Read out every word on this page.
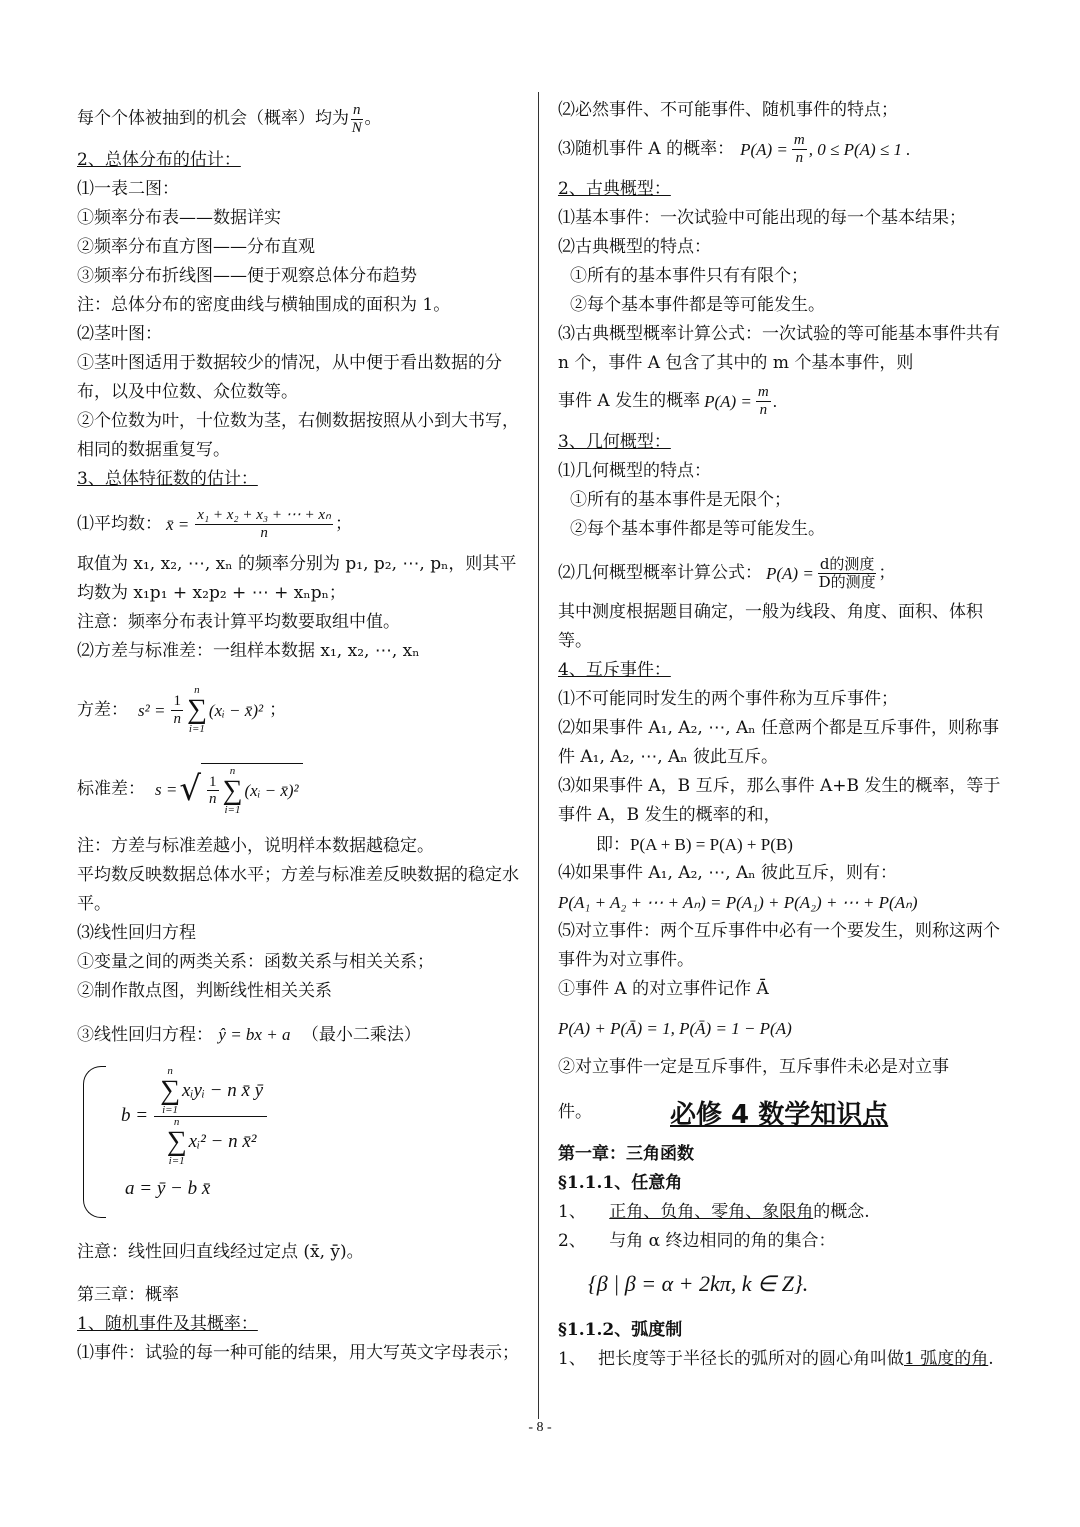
每个个体被抽到的机会（概率）均为 $\frac{n}{N}$ 。
2、总体分布的估计：
⑴一表二图：
①频率分布表——数据详实
②频率分布直方图——分布直观
③频率分布折线图——便于观察总体分布趋势
注：总体分布的密度曲线与横轴围成的面积为 1。
⑵茎叶图：
①茎叶图适用于数据较少的情况，从中便于看出数据的分布，以及中位数、众位数等。
②个位数为叶，十位数为茎，右侧数据按照从小到大书写，相同的数据重复写。
3、总体特征数的估计：
⑴平均数： x̄ = $\frac{\text{x₁ + x₂ + x₃ + ⋯ + xₙ}}{n}$ ；
取值为 x₁, x₂, ⋯, xₙ 的频率分别为 p₁, p₂, ⋯, pₙ，则其平均数为 x₁p₁ + x₂p₂ + ⋯ + xₙpₙ；
注意：频率分布表计算平均数要取组中值。
⑵方差与标准差：一组样本数据 x₁, x₂, ⋯, xₙ
方差： $s^2 = \frac{1}{n}$
n
∑
i=1
(xᵢ − x̄)² ；
标准差： s = √ $\frac{1}{n}$
n
∑
i=1
(xᵢ − x̄)²
注：方差与标准差越小，说明样本数据越稳定。
平均数反映数据总体水平；方差与标准差反映数据的稳定水平。
⑶线性回归方程
①变量之间的两类关系：函数关系与相关关系；
②制作散点图，判断线性相关关系
③线性回归方程： ŷ = bx + a （最小二乘法）
b =
n
∑
i=1
xᵢyᵢ − n x̄ ȳ
n
∑
i=1
xᵢ² − n x̄²
a = ȳ − b x̄
注意：线性回归直线经过定点 (x̄, ȳ)。
第三章：概率
1、随机事件及其概率：
⑴事件：试验的每一种可能的结果，用大写英文字母表示；
⑵必然事件、不可能事件、随机事件的特点；
⑶随机事件 A 的概率： $P(A) = \frac{m}{n}$ , 0 ≤ P(A) ≤ 1 .
2、古典概型：
⑴基本事件：一次试验中可能出现的每一个基本结果；
⑵古典概型的特点：
①所有的基本事件只有有限个；
②每个基本事件都是等可能发生。
⑶古典概型概率计算公式：一次试验的等可能基本事件共有 n 个，事件 A 包含了其中的 m 个基本事件，则
事件 A 发生的概率 $P(A) = \frac{m}{n}$ .
3、几何概型：
⑴几何概型的特点：
①所有的基本事件是无限个；
②每个基本事件都是等可能发生。
⑵几何概型概率计算公式： $P(A) = \frac{\text{d的测度}}{\text{D的测度}}$ ；
其中测度根据题目确定，一般为线段、角度、面积、体积等。
4、互斥事件：
⑴不可能同时发生的两个事件称为互斥事件；
⑵如果事件 A₁, A₂, ⋯, Aₙ 任意两个都是互斥事件，则称事件 A₁, A₂, ⋯, Aₙ 彼此互斥。
⑶如果事件 A，B 互斥，那么事件 A+B 发生的概率，等于事件 A，B 发生的概率的和，
即：P(A + B) = P(A) + P(B)
⑷如果事件 A₁, A₂, ⋯, Aₙ 彼此互斥，则有：
P(A₁ + A₂ + ⋯ + Aₙ) = P(A₁) + P(A₂) + ⋯ + P(Aₙ)
⑸对立事件：两个互斥事件中必有一个要发生，则称这两个事件为对立事件。
①事件 A 的对立事件记作 Ā
P(A) + P(Ā) = 1, P(Ā) = 1 − P(A)
②对立事件一定是互斥事件，互斥事件未必是对立事
件。	必修 4 数学知识点
第一章：三角函数
§1.1.1、任意角
1、 正角、负角、零角、象限角的概念.
2、 与角 α 终边相同的角的集合：
{β | β = α + 2kπ, k ∈ Z}.
§1.1.2、弧度制
1、 把长度等于半径长的弧所对的圆心角叫做1 弧度的角.
- 8 -
